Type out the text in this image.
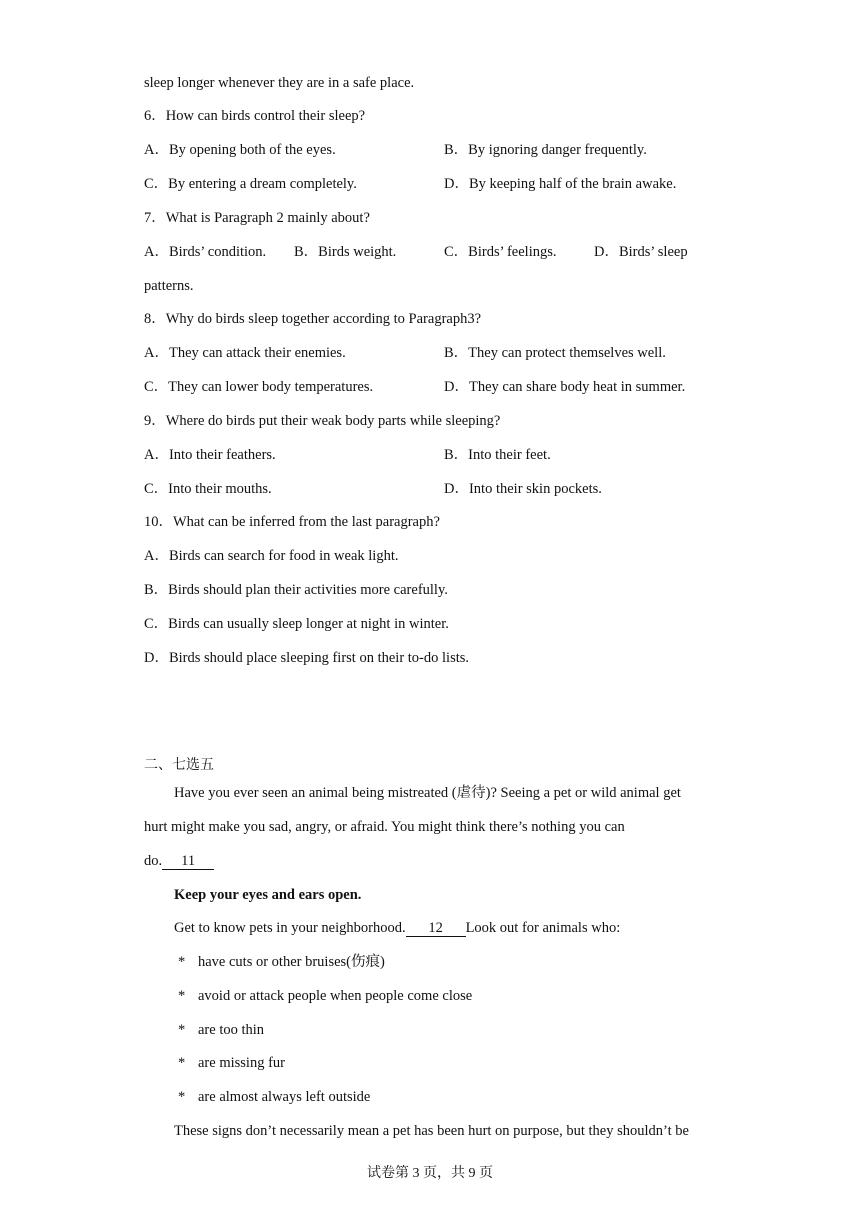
sleep longer whenever they are in a safe place.
6．How can birds control their sleep?
A．By opening both of the eyes.	B．By ignoring danger frequently.
C．By entering a dream completely.	D．By keeping half of the brain awake.
7．What is Paragraph 2 mainly about?
A．Birds’ condition. B．Birds weight.	C．Birds’ feelings.	D．Birds’ sleep
patterns.
8．Why do birds sleep together according to Paragraph3?
A．They can attack their enemies.	B．They can protect themselves well.
C．They can lower body temperatures.	D．They can share body heat in summer.
9．Where do birds put their weak body parts while sleeping?
A．Into their feathers.	B．Into their feet.
C．Into their mouths.	D．Into their skin pockets.
10．What can be inferred from the last paragraph?
A．Birds can search for food in weak light.
B．Birds should plan their activities more carefully.
C．Birds can usually sleep longer at night in winter.
D．Birds should place sleeping first on their to-do lists.
二、七选五
Have you ever seen an animal being mistreated (虐待)? Seeing a pet or wild animal get
hurt might make you sad, angry, or afraid. You might think there’s nothing you can
do. 11
Keep your eyes and ears open.
Get to know pets in your neighborhood. 12 Look out for animals who:
* have cuts or other bruises(伤痕)
* avoid or attack people when people come close
* are too thin
* are missing fur
* are almost always left outside
These signs don’t necessarily mean a pet has been hurt on purpose, but they shouldn’t be
试卷第 3 页，共 9 页
